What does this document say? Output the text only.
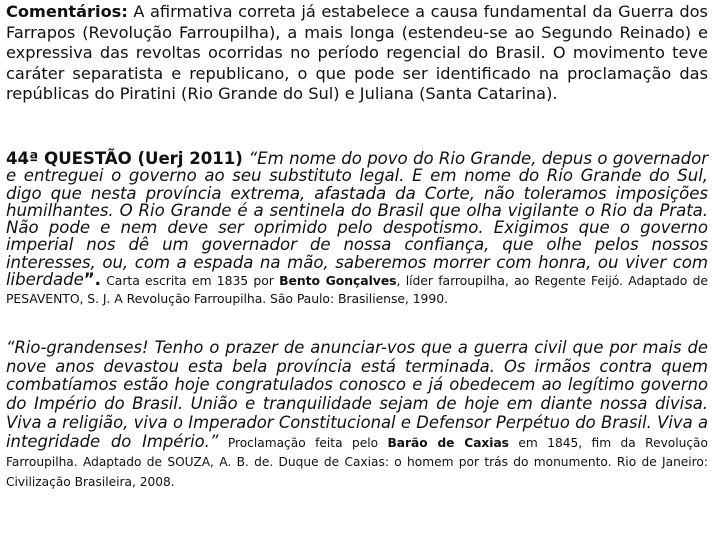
Comentários: A afirmativa correta já estabelece a causa fundamental da Guerra dos Farrapos (Revolução Farroupilha), a mais longa (estendeu-se ao Segundo Reinado) e expressiva das revoltas ocorridas no período regencial do Brasil. O movimento teve caráter separatista e republicano, o que pode ser identificado na proclamação das repúblicas do Piratini (Rio Grande do Sul) e Juliana (Santa Catarina).

44ª QUESTÃO (Uerj 2011) “Em nome do povo do Rio Grande, depus o governador e entreguei o governo ao seu substituto legal. E em nome do Rio Grande do Sul, digo que nesta província extrema, afastada da Corte, não toleramos imposições humilhantes. O Rio Grande é a sentinela do Brasil que olha vigilante o Rio da Prata. Não pode e nem deve ser oprimido pelo despotismo. Exigimos que o governo imperial nos dê um governador de nossa confiança, que olhe pelos nossos interesses, ou, com a espada na mão, saberemos morrer com honra, ou viver com liberdade”. Carta escrita em 1835 por Bento Gonçalves, líder farroupilha, ao Regente Feijó. Adaptado de PESAVENTO, S. J. A Revolução Farroupilha. São Paulo: Brasiliense, 1990.

“Rio-grandenses! Tenho o prazer de anunciar-vos que a guerra civil que por mais de nove anos devastou esta bela província está terminada. Os irmãos contra quem combatíamos estão hoje congratulados conosco e já obedecem ao legítimo governo do Império do Brasil. União e tranquilidade sejam de hoje em diante nossa divisa. Viva a religião, viva o Imperador Constitucional e Defensor Perpétuo do Brasil. Viva a integridade do Império.” Proclamação feita pelo Barão de Caxias em 1845, fim da Revolução Farroupilha. Adaptado de SOUZA, A. B. de. Duque de Caxias: o homem por trás do monumento. Rio de Janeiro: Civilização Brasileira, 2008.
